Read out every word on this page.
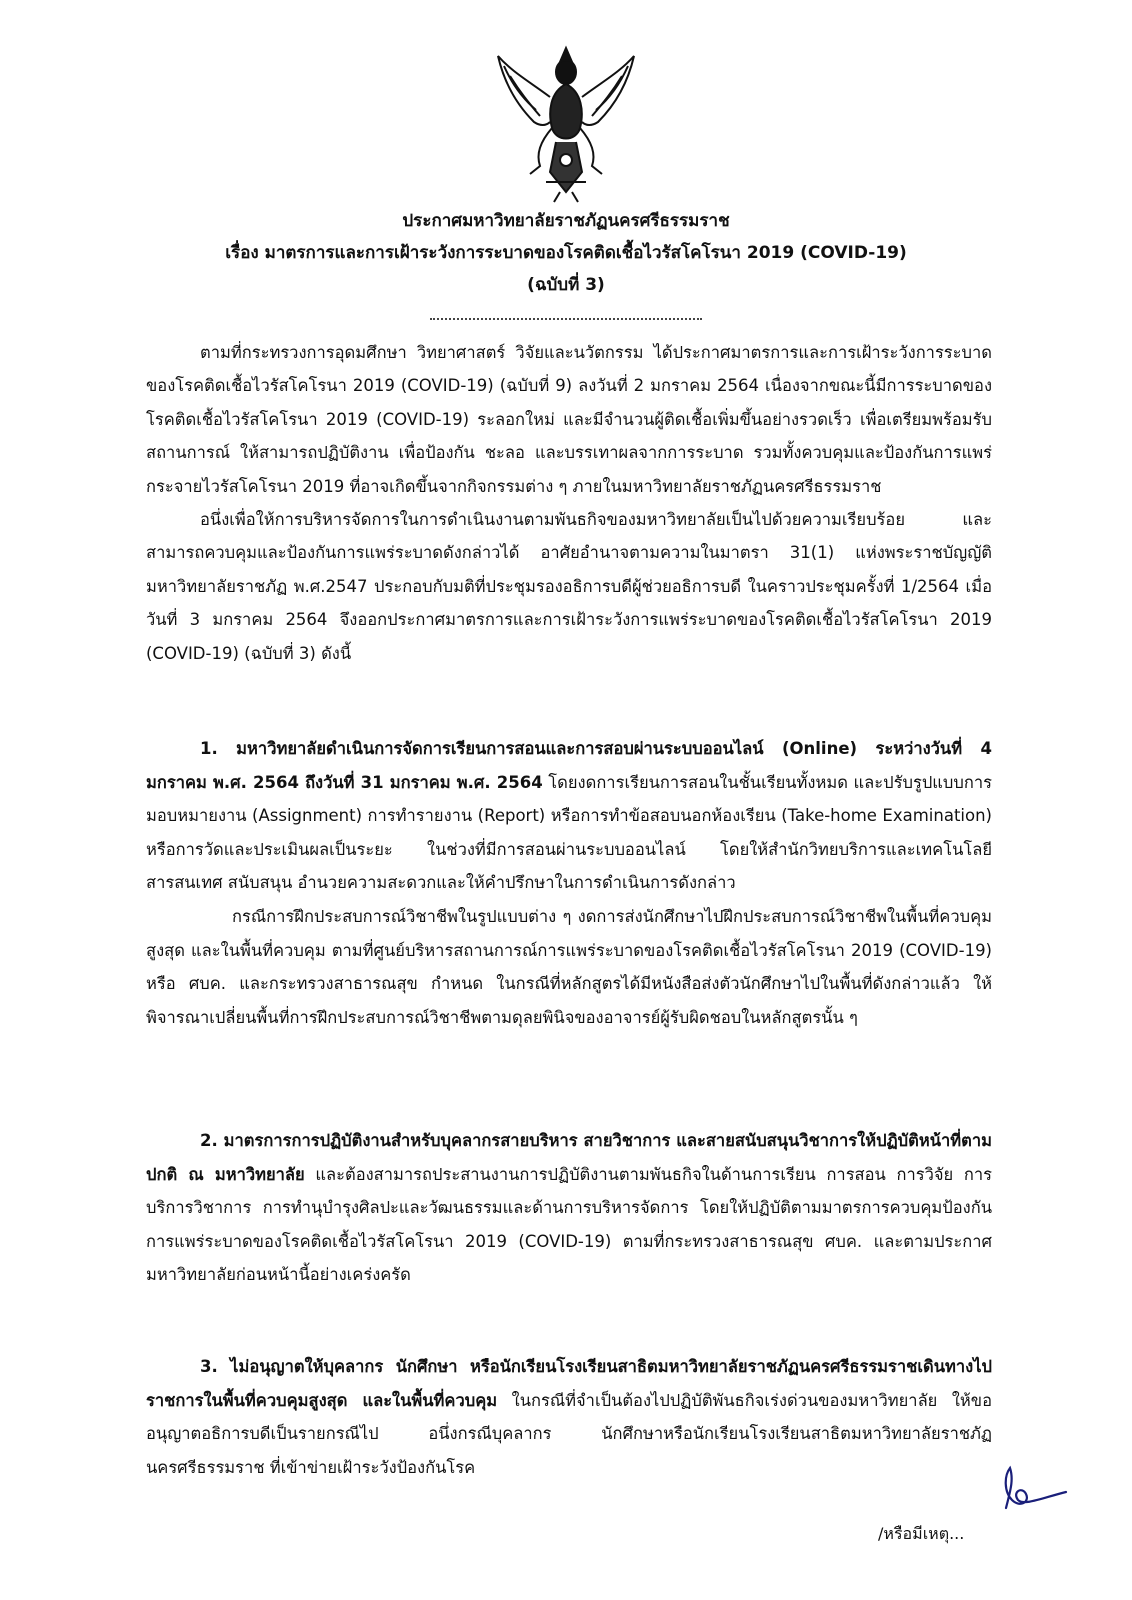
ประกาศมหาวิทยาลัยราชภัฏนครศรีธรรมราช
เรื่อง มาตรการและการเฝ้าระวังการระบาดของโรคติดเชื้อไวรัสโคโรนา 2019 (COVID-19)
(ฉบับที่ 3)

ตามที่กระทรวงการอุดมศึกษา วิทยาศาสตร์ วิจัยและนวัตกรรม ได้ประกาศมาตรการและการเฝ้าระวังการระบาดของโรคติดเชื้อไวรัสโคโรนา 2019 (COVID-19) (ฉบับที่ 9) ลงวันที่ 2 มกราคม 2564 เนื่องจากขณะนี้มีการระบาดของโรคติดเชื้อไวรัสโคโรนา 2019 (COVID-19) ระลอกใหม่ และมีจำนวนผู้ติดเชื้อเพิ่มขึ้นอย่างรวดเร็ว เพื่อเตรียมพร้อมรับสถานการณ์ ให้สามารถปฏิบัติงาน เพื่อป้องกัน ชะลอ และบรรเทาผลจากการระบาด รวมทั้งควบคุมและป้องกันการแพร่กระจายไวรัสโคโรนา 2019 ที่อาจเกิดขึ้นจากกิจกรรมต่าง ๆ ภายในมหาวิทยาลัยราชภัฏนครศรีธรรมราช

อนึ่งเพื่อให้การบริหารจัดการในการดำเนินงานตามพันธกิจของมหาวิทยาลัยเป็นไปด้วยความเรียบร้อย และสามารถควบคุมและป้องกันการแพร่ระบาดดังกล่าวได้ อาศัยอำนาจตามความในมาตรา 31(1) แห่งพระราชบัญญัติมหาวิทยาลัยราชภัฏ พ.ศ.2547 ประกอบกับมติที่ประชุมรองอธิการบดีผู้ช่วยอธิการบดี ในคราวประชุมครั้งที่ 1/2564 เมื่อวันที่ 3 มกราคม 2564 จึงออกประกาศมาตรการและการเฝ้าระวังการแพร่ระบาดของโรคติดเชื้อไวรัสโคโรนา 2019 (COVID-19) (ฉบับที่ 3) ดังนี้

1. มหาวิทยาลัยดำเนินการจัดการเรียนการสอนและการสอบผ่านระบบออนไลน์ (Online) ระหว่างวันที่ 4 มกราคม พ.ศ. 2564 ถึงวันที่ 31 มกราคม พ.ศ. 2564 โดยงดการเรียนการสอนในชั้นเรียนทั้งหมด และปรับรูปแบบการมอบหมายงาน (Assignment) การทำรายงาน (Report) หรือการทำข้อสอบนอกห้องเรียน (Take-home Examination) หรือการวัดและประเมินผลเป็นระยะ ในช่วงที่มีการสอนผ่านระบบออนไลน์ โดยให้สำนักวิทยบริการและเทคโนโลยีสารสนเทศ สนับสนุน อำนวยความสะดวกและให้คำปรึกษาในการดำเนินการดังกล่าว

กรณีการฝึกประสบการณ์วิชาชีพในรูปแบบต่าง ๆ งดการส่งนักศึกษาไปฝึกประสบการณ์วิชาชีพในพื้นที่ควบคุมสูงสุด และในพื้นที่ควบคุม ตามที่ศูนย์บริหารสถานการณ์การแพร่ระบาดของโรคติดเชื้อไวรัสโคโรนา 2019 (COVID-19) หรือ ศบค. และกระทรวงสาธารณสุข กำหนด ในกรณีที่หลักสูตรได้มีหนังสือส่งตัวนักศึกษาไปในพื้นที่ดังกล่าวแล้ว ให้พิจารณาเปลี่ยนพื้นที่การฝึกประสบการณ์วิชาชีพตามดุลยพินิจของอาจารย์ผู้รับผิดชอบในหลักสูตรนั้น ๆ

2. มาตรการการปฏิบัติงานสำหรับบุคลากรสายบริหาร สายวิชาการ และสายสนับสนุนวิชาการให้ปฏิบัติหน้าที่ตามปกติ ณ มหาวิทยาลัย และต้องสามารถประสานงานการปฏิบัติงานตามพันธกิจในด้านการเรียน การสอน การวิจัย การบริการวิชาการ การทำนุบำรุงศิลปะและวัฒนธรรมและด้านการบริหารจัดการ โดยให้ปฏิบัติตามมาตรการควบคุมป้องกันการแพร่ระบาดของโรคติดเชื้อไวรัสโคโรนา 2019 (COVID-19) ตามที่กระทรวงสาธารณสุข ศบค. และตามประกาศมหาวิทยาลัยก่อนหน้านี้อย่างเคร่งครัด

3. ไม่อนุญาตให้บุคลากร นักศึกษา หรือนักเรียนโรงเรียนสาธิตมหาวิทยาลัยราชภัฏนครศรีธรรมราชเดินทางไปราชการในพื้นที่ควบคุมสูงสุด และในพื้นที่ควบคุม ในกรณีที่จำเป็นต้องไปปฏิบัติพันธกิจเร่งด่วนของมหาวิทยาลัย ให้ขออนุญาตอธิการบดีเป็นรายกรณีไป อนึ่งกรณีบุคลากร นักศึกษาหรือนักเรียนโรงเรียนสาธิตมหาวิทยาลัยราชภัฏนครศรีธรรมราช ที่เข้าข่ายเฝ้าระวังป้องกันโรค

/หรือมีเหตุ...
